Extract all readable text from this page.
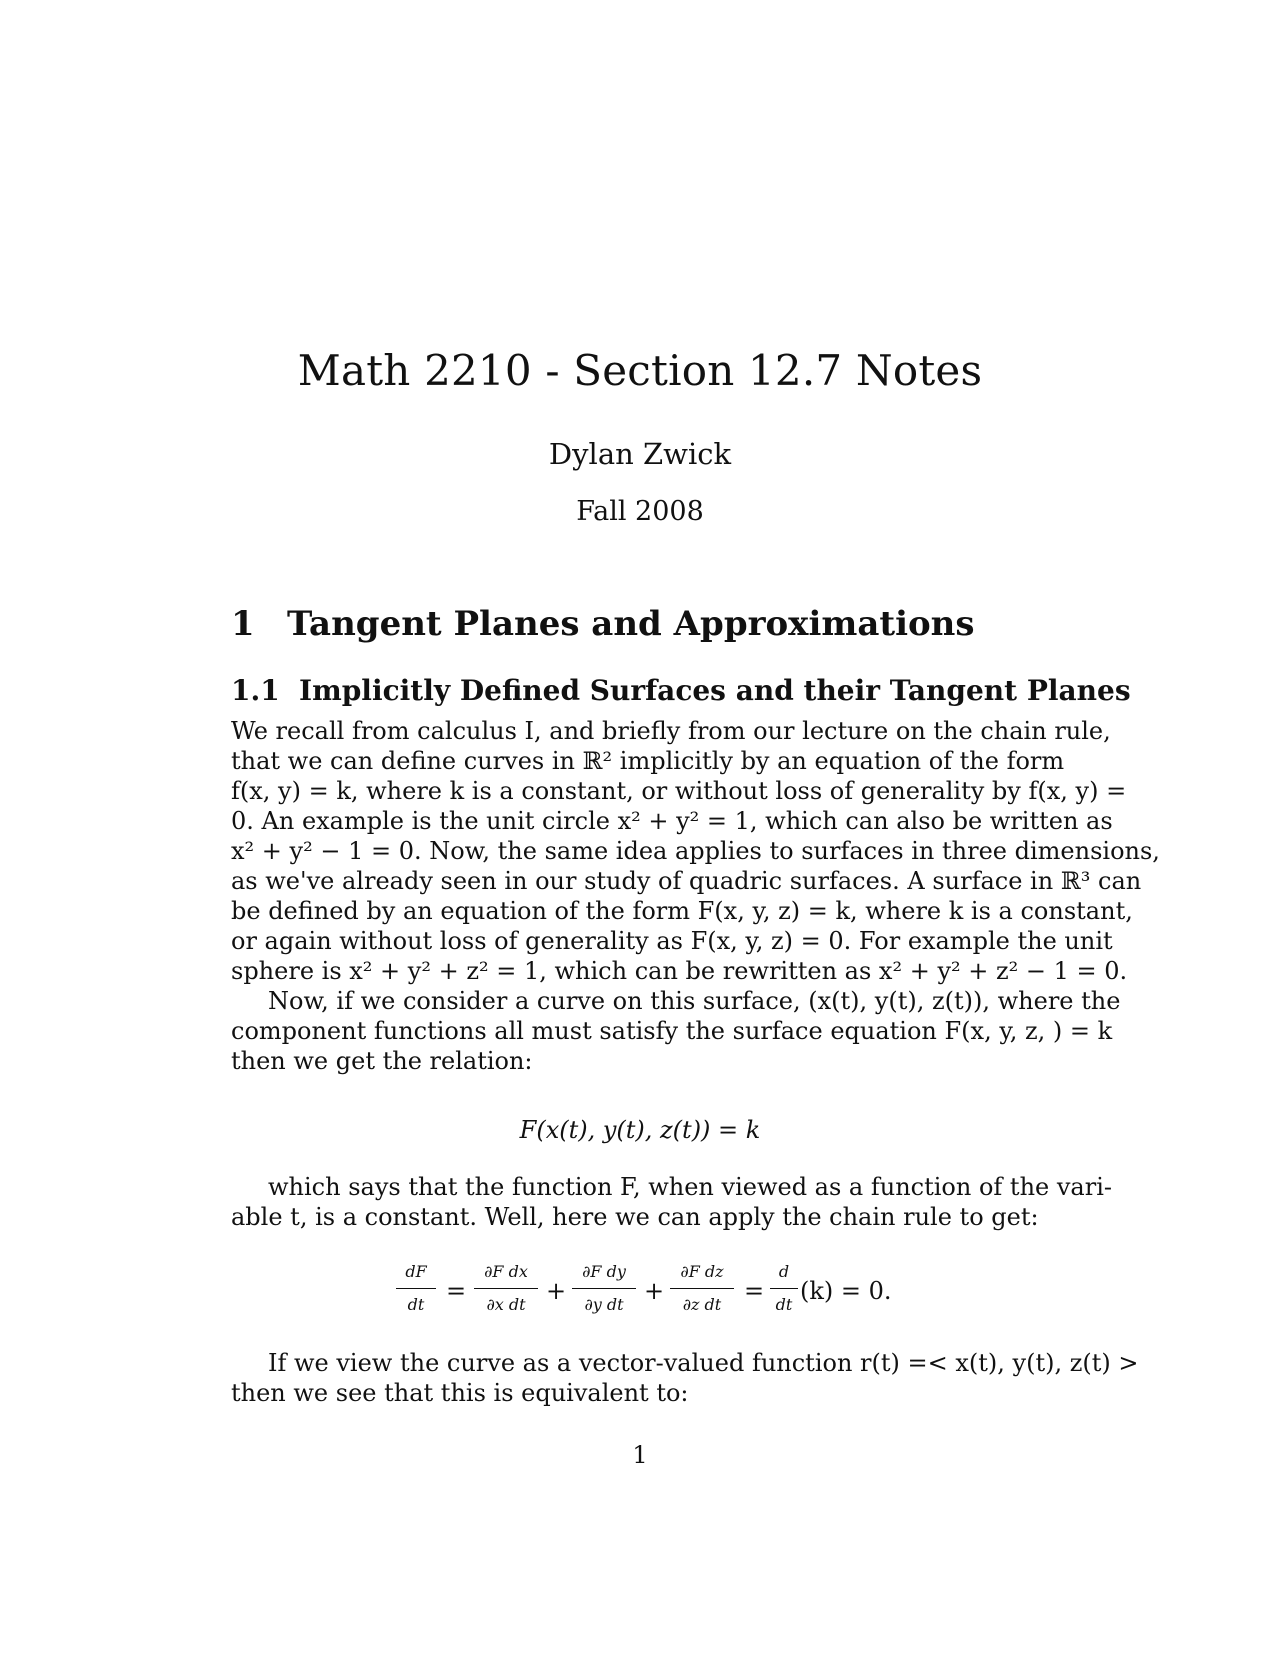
Math 2210 - Section 12.7 Notes
Dylan Zwick
Fall 2008
1 Tangent Planes and Approximations
1.1 Implicitly Defined Surfaces and their Tangent Planes
We recall from calculus I, and briefly from our lecture on the chain rule,
that we can define curves in ℝ² implicitly by an equation of the form
f(x, y) = k, where k is a constant, or without loss of generality by f(x, y) =
0. An example is the unit circle x² + y² = 1, which can also be written as
x² + y² − 1 = 0. Now, the same idea applies to surfaces in three dimensions,
as we've already seen in our study of quadric surfaces. A surface in ℝ³ can
be defined by an equation of the form F(x, y, z) = k, where k is a constant,
or again without loss of generality as F(x, y, z) = 0. For example the unit
sphere is x² + y² + z² = 1, which can be rewritten as x² + y² + z² − 1 = 0.
Now, if we consider a curve on this surface, (x(t), y(t), z(t)), where the
component functions all must satisfy the surface equation F(x, y, z, ) = k
then we get the relation:
F(x(t), y(t), z(t)) = k
which says that the function F, when viewed as a function of the vari-
able t, is a constant. Well, here we can apply the chain rule to get:
dF
dt =
∂F dx
∂x dt +
∂F dy
∂y dt +
∂F dz
∂z dt =
d
dt (k) = 0.
If we view the curve as a vector-valued function r(t) =< x(t), y(t), z(t) >
then we see that this is equivalent to:
1
